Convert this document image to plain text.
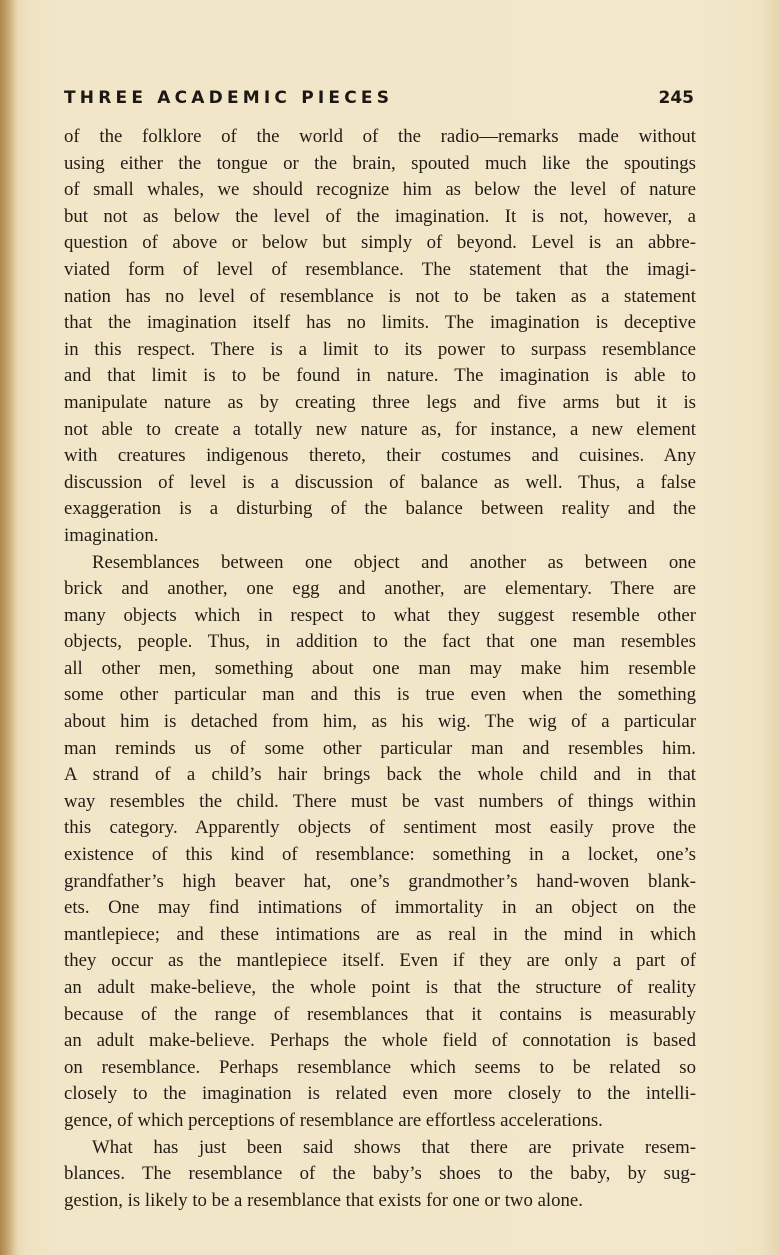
THREE ACADEMIC PIECES	245
of the folklore of the world of the radio—remarks made without
using either the tongue or the brain, spouted much like the spoutings
of small whales, we should recognize him as below the level of nature
but not as below the level of the imagination. It is not, however, a
question of above or below but simply of beyond. Level is an abbre-
viated form of level of resemblance. The statement that the imagi-
nation has no level of resemblance is not to be taken as a statement
that the imagination itself has no limits. The imagination is deceptive
in this respect. There is a limit to its power to surpass resemblance
and that limit is to be found in nature. The imagination is able to
manipulate nature as by creating three legs and five arms but it is
not able to create a totally new nature as, for instance, a new element
with creatures indigenous thereto, their costumes and cuisines. Any
discussion of level is a discussion of balance as well. Thus, a false
exaggeration is a disturbing of the balance between reality and the
imagination.
Resemblances between one object and another as between one
brick and another, one egg and another, are elementary. There are
many objects which in respect to what they suggest resemble other
objects, people. Thus, in addition to the fact that one man resembles
all other men, something about one man may make him resemble
some other particular man and this is true even when the something
about him is detached from him, as his wig. The wig of a particular
man reminds us of some other particular man and resembles him.
A strand of a child’s hair brings back the whole child and in that
way resembles the child. There must be vast numbers of things within
this category. Apparently objects of sentiment most easily prove the
existence of this kind of resemblance: something in a locket, one’s
grandfather’s high beaver hat, one’s grandmother’s hand-woven blank-
ets. One may find intimations of immortality in an object on the
mantlepiece; and these intimations are as real in the mind in which
they occur as the mantlepiece itself. Even if they are only a part of
an adult make-believe, the whole point is that the structure of reality
because of the range of resemblances that it contains is measurably
an adult make-believe. Perhaps the whole field of connotation is based
on resemblance. Perhaps resemblance which seems to be related so
closely to the imagination is related even more closely to the intelli-
gence, of which perceptions of resemblance are effortless accelerations.
What has just been said shows that there are private resem-
blances. The resemblance of the baby’s shoes to the baby, by sug-
gestion, is likely to be a resemblance that exists for one or two alone.
